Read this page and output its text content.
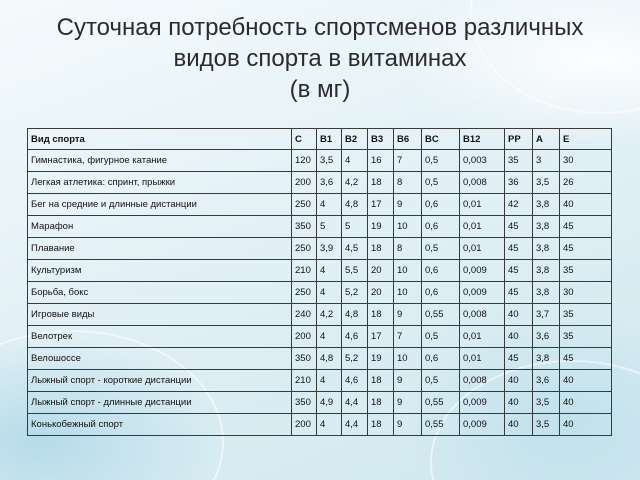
Суточная потребность спортсменов различных
видов спорта в витаминах
(в мг)
Вид спорта	C	B1	B2	B3	B6	BC	B12	PP	A	E
Гимнастика, фигурное катание	120	3,5	4	16	7	0,5	0,003	35	3	30
Легкая атлетика: спринт, прыжки	200	3,6	4,2	18	8	0,5	0,008	36	3,5	26
Бег на средние и длинные дистанции	250	4	4,8	17	9	0,6	0,01	42	3,8	40
Марафон	350	5	5	19	10	0,6	0,01	45	3,8	45
Плавание	250	3,9	4,5	18	8	0,5	0,01	45	3,8	45
Культуризм	210	4	5,5	20	10	0,6	0,009	45	3,8	35
Борьба, бокс	250	4	5,2	20	10	0,6	0,009	45	3,8	30
Игровые виды	240	4,2	4,8	18	9	0,55	0,008	40	3,7	35
Велотрек	200	4	4,6	17	7	0,5	0,01	40	3,6	35
Велошоссе	350	4,8	5,2	19	10	0,6	0,01	45	3,8	45
Лыжный спорт - короткие дистанции	210	4	4,6	18	9	0,5	0,008	40	3,6	40
Лыжный спорт - длинные дистанции	350	4,9	4,4	18	9	0,55	0,009	40	3,5	40
Конькобежный спорт	200	4	4,4	18	9	0,55	0,009	40	3,5	40
